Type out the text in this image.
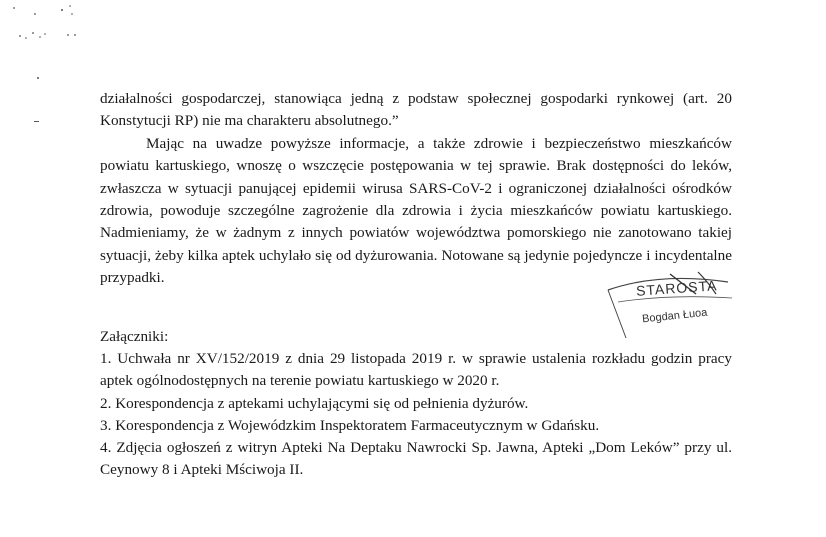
działalności gospodarczej, stanowiąca jedną z podstaw społecznej gospodarki rynkowej (art. 20 Konstytucji RP) nie ma charakteru absolutnego.”

Mając na uwadze powyższe informacje, a także zdrowie i bezpieczeństwo mieszkańców powiatu kartuskiego, wnoszę o wszczęcie postępowania w tej sprawie. Brak dostępności do leków, zwłaszcza w sytuacji panującej epidemii wirusa SARS-CoV-2 i ograniczonej działalności ośrodków zdrowia, powoduje szczególne zagrożenie dla zdrowia i życia mieszkańców powiatu kartuskiego. Nadmieniamy, że w żadnym z innych powiatów województwa pomorskiego nie zanotowano takiej sytuacji, żeby kilka aptek uchylało się od dyżurowania. Notowane są jedynie pojedyncze i incydentalne przypadki.	STAROSTA
Bogdan Łuoa
Załączniki:
1. Uchwała nr XV/152/2019 z dnia 29 listopada 2019 r. w sprawie ustalenia rozkładu godzin pracy aptek ogólnodostępnych na terenie powiatu kartuskiego w 2020 r.
2. Korespondencja z aptekami uchylającymi się od pełnienia dyżurów.
3. Korespondencja z Wojewódzkim Inspektoratem Farmaceutycznym w Gdańsku.
4. Zdjęcia ogłoszeń z witryn Apteki Na Deptaku Nawrocki Sp. Jawna, Apteki „Dom Leków” przy ul. Ceynowy 8 i Apteki Mściwoja II.
